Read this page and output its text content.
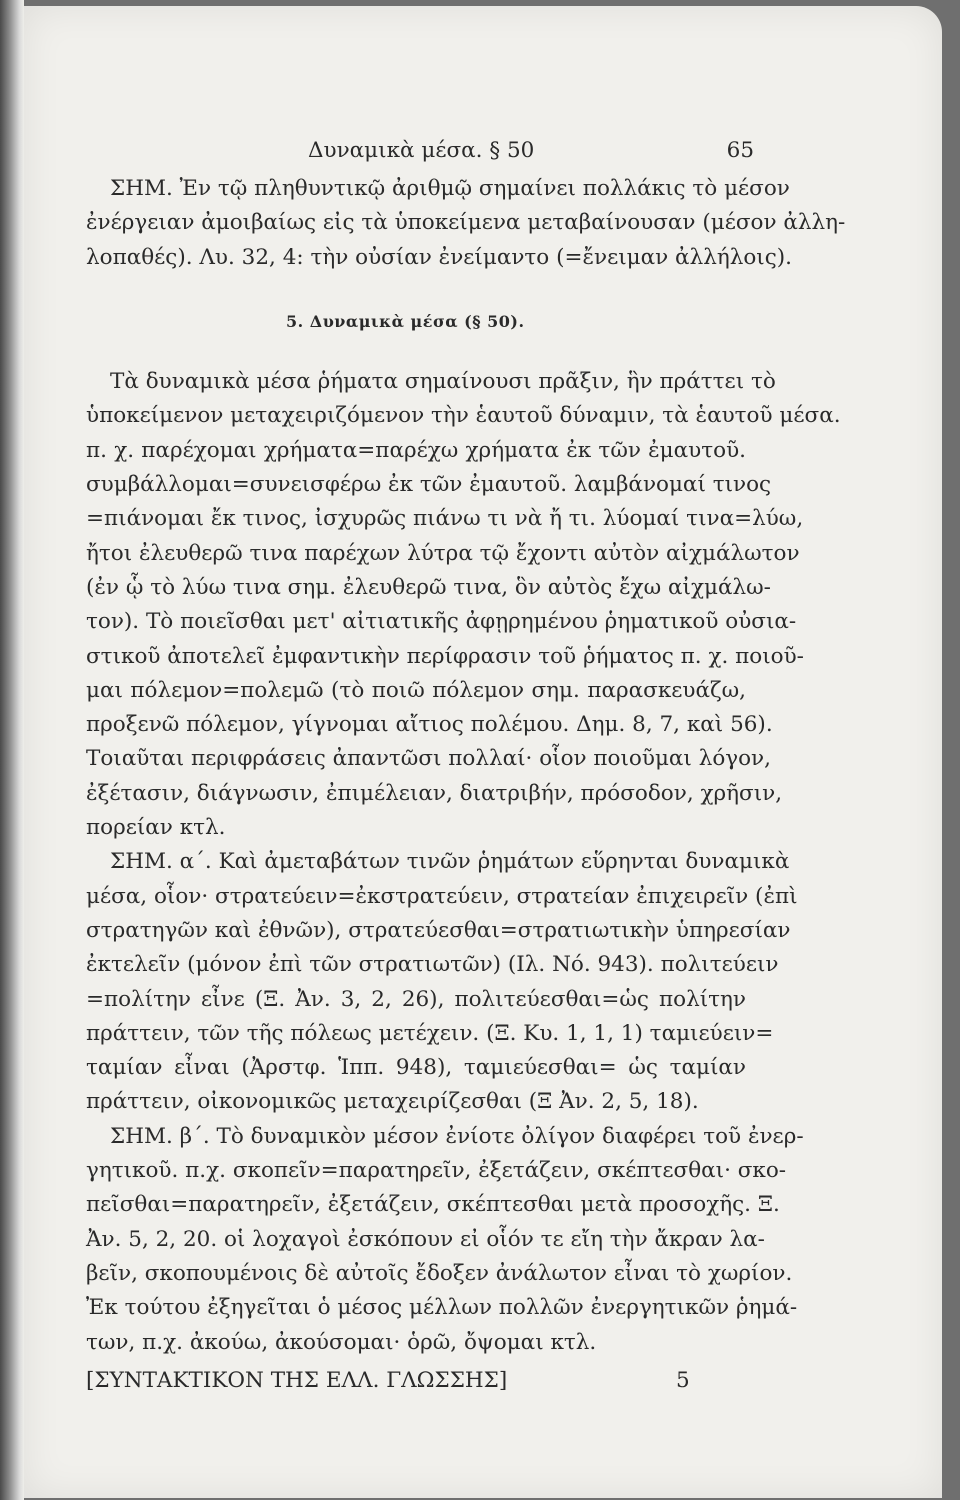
Δυναμικὰ μέσα. § 50	65
ΣΗΜ. Ἐν τῷ πληθυντικῷ ἀριθμῷ σημαίνει πολλάκις τὸ μέσον
ἐνέργειαν ἀμοιβαίως εἰς τὰ ὑποκείμενα μεταβαίνουσαν (μέσον ἀλλη-
λοπαθές). Λυ. 32, 4: τὴν οὐσίαν ἐνείμαντο (=ἔνειμαν ἀλλήλοις).
5. Δυναμικὰ μέσα (§ 50).
Τὰ δυναμικὰ μέσα ῥήματα σημαίνουσι πρᾶξιν, ἣν πράττει τὸ
ὑποκείμενον μεταχειριζόμενον τὴν ἑαυτοῦ δύναμιν, τὰ ἑαυτοῦ μέσα.
π. χ. παρέχομαι χρήματα=παρέχω χρήματα ἐκ τῶν ἐμαυτοῦ.
συμβάλλομαι=συνεισφέρω ἐκ τῶν ἐμαυτοῦ. λαμβάνομαί τινος
=πιάνομαι ἔκ τινος, ἰσχυρῶς πιάνω τι νὰ ἤ τι. λύομαί τινα=λύω,
ἤτοι ἐλευθερῶ τινα παρέχων λύτρα τῷ ἔχοντι αὐτὸν αἰχμάλωτον
(ἐν ᾧ τὸ λύω τινα σημ. ἐλευθερῶ τινα, ὃν αὐτὸς ἔχω αἰχμάλω-
τον). Τὸ ποιεῖσθαι μετ' αἰτιατικῆς ἀφῃρημένου ῥηματικοῦ οὐσια-
στικοῦ ἀποτελεῖ ἐμφαντικὴν περίφρασιν τοῦ ῥήματος π. χ. ποιοῦ-
μαι πόλεμον=πολεμῶ (τὸ ποιῶ πόλεμον σημ. παρασκευάζω,
προξενῶ πόλεμον, γίγνομαι αἴτιος πολέμου. Δημ. 8, 7, καὶ 56).
Τοιαῦται περιφράσεις ἀπαντῶσι πολλαί· οἷον ποιοῦμαι λόγον,
ἐξέτασιν, διάγνωσιν, ἐπιμέλειαν, διατριβήν, πρόσοδον, χρῆσιν,
πορείαν κτλ.
ΣΗΜ. α΄. Καὶ ἀμεταβάτων τινῶν ῥημάτων εὕρηνται δυναμικὰ
μέσα, οἷον· στρατεύειν=ἐκστρατεύειν, στρατείαν ἐπιχειρεῖν (ἐπὶ
στρατηγῶν καὶ ἐθνῶν), στρατεύεσθαι=στρατιωτικὴν ὑπηρεσίαν
ἐκτελεῖν (μόνον ἐπὶ τῶν στρατιωτῶν) (Ιλ. Νό. 943). πολιτεύειν
=πολίτην εἶνε (Ξ. Ἀν. 3, 2, 26), πολιτεύεσθαι=ὡς πολίτην
πράττειν, τῶν τῆς πόλεως μετέχειν. (Ξ. Κυ. 1, 1, 1) ταμιεύειν=
ταμίαν εἶναι (Ἀρστφ. Ἱππ. 948), ταμιεύεσθαι= ὡς ταμίαν
πράττειν, οἰκονομικῶς μεταχειρίζεσθαι (Ξ Ἀν. 2, 5, 18).
ΣΗΜ. β΄. Τὸ δυναμικὸν μέσον ἐνίοτε ὀλίγον διαφέρει τοῦ ἐνερ-
γητικοῦ. π.χ. σκοπεῖν=παρατηρεῖν, ἐξετάζειν, σκέπτεσθαι· σκο-
πεῖσθαι=παρατηρεῖν, ἐξετάζειν, σκέπτεσθαι μετὰ προσοχῆς. Ξ.
Ἀν. 5, 2, 20. οἱ λοχαγοὶ ἐσκόπουν εἰ οἷόν τε εἴη τὴν ἄκραν λα-
βεῖν, σκοπουμένοις δὲ αὐτοῖς ἔδοξεν ἀνάλωτον εἶναι τὸ χωρίον.
Ἐκ τούτου ἐξηγεῖται ὁ μέσος μέλλων πολλῶν ἐνεργητικῶν ῥημά-
των, π.χ. ἀκούω, ἀκούσομαι· ὁρῶ, ὄψομαι κτλ.
[ΣΥΝΤΑΚΤΙΚΟΝ ΤΗΣ ΕΛΛ. ΓΛΩΣΣΗΣ]	5
